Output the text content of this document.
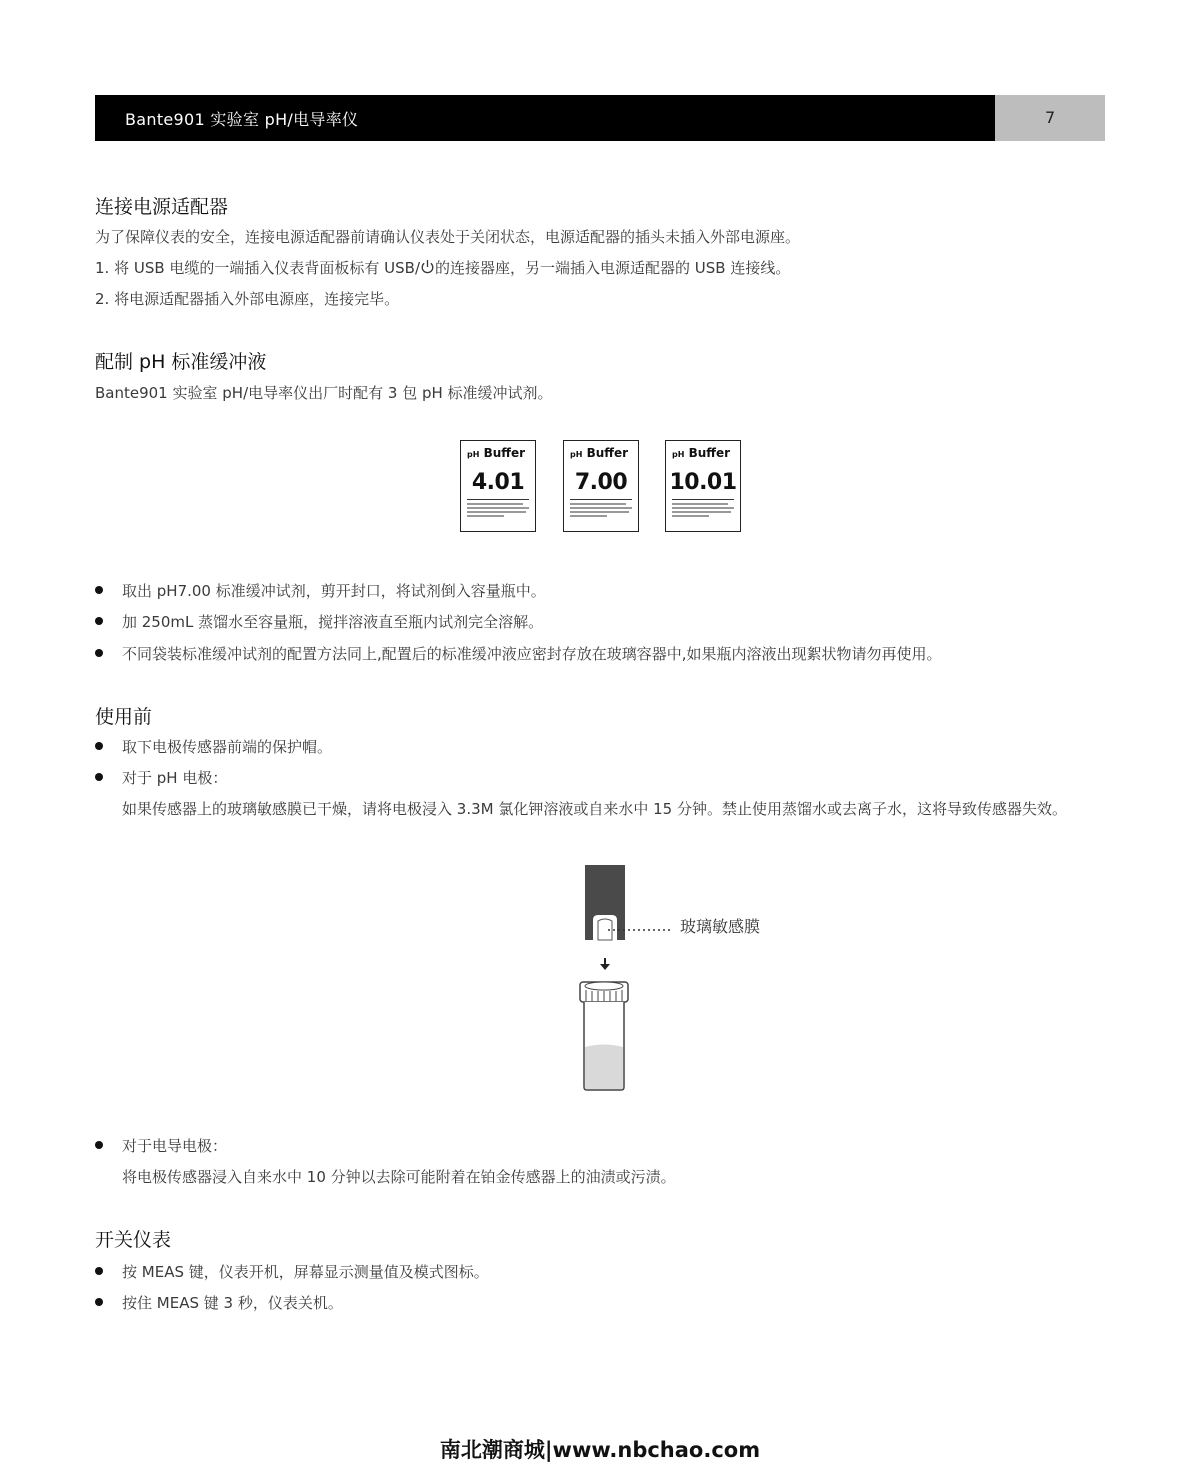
Bante901 实验室 pH/电导率仪	7
连接电源适配器
为了保障仪表的安全，连接电源适配器前请确认仪表处于关闭状态，电源适配器的插头未插入外部电源座。
1. 将 USB 电缆的一端插入仪表背面板标有 USB/ 的连接器座，另一端插入电源适配器的 USB 连接线。
2. 将电源适配器插入外部电源座，连接完毕。
配制 pH 标准缓冲液
Bante901 实验室 pH/电导率仪出厂时配有 3 包 pH 标准缓冲试剂。
pH Buffer
4.01
pH Buffer
7.00
pH Buffer
10.01
取出 pH7.00 标准缓冲试剂，剪开封口，将试剂倒入容量瓶中。
加 250mL 蒸馏水至容量瓶，搅拌溶液直至瓶内试剂完全溶解。
不同袋装标准缓冲试剂的配置方法同上,配置后的标准缓冲液应密封存放在玻璃容器中,如果瓶内溶液出现絮状物请勿再使用。
使用前
取下电极传感器前端的保护帽。
对于 pH 电极：
如果传感器上的玻璃敏感膜已干燥，请将电极浸入 3.3M 氯化钾溶液或自来水中 15 分钟。禁止使用蒸馏水或去离子水，这将导致传感器失效。
玻璃敏感膜
对于电导电极：
将电极传感器浸入自来水中 10 分钟以去除可能附着在铂金传感器上的油渍或污渍。
开关仪表
按 MEAS 键，仪表开机，屏幕显示测量值及模式图标。
按住 MEAS 键 3 秒，仪表关机。
南北潮商城|www.nbchao.com
